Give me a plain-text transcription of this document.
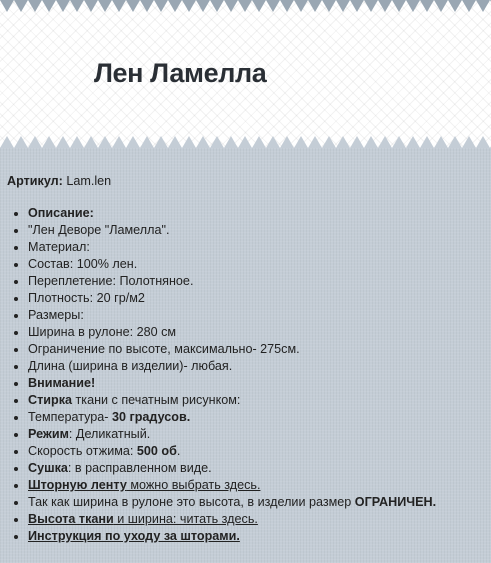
Лен Ламелла

Артикул: Lam.len

• Описание:
• "Лен Деворе "Ламелла".
• Материал:
• Состав: 100% лен.
• Переплетение: Полотняное.
• Плотность: 20 гр/м2
• Размеры:
• Ширина в рулоне: 280 см
• Ограничение по высоте, максимально- 275см.
• Длина (ширина в изделии)- любая.
• Внимание!
• Стирка ткани с печатным рисунком:
• Температура- 30 градусов.
• Режим: Деликатный.
• Скорость отжима: 500 об.
• Сушка: в расправленном виде.
• Шторную ленту можно выбрать здесь.
• Так как ширина в рулоне это высота, в изделии размер ОГРАНИЧЕН.
• Высота ткани и ширина: читать здесь.
• Инструкция по уходу за шторами.
